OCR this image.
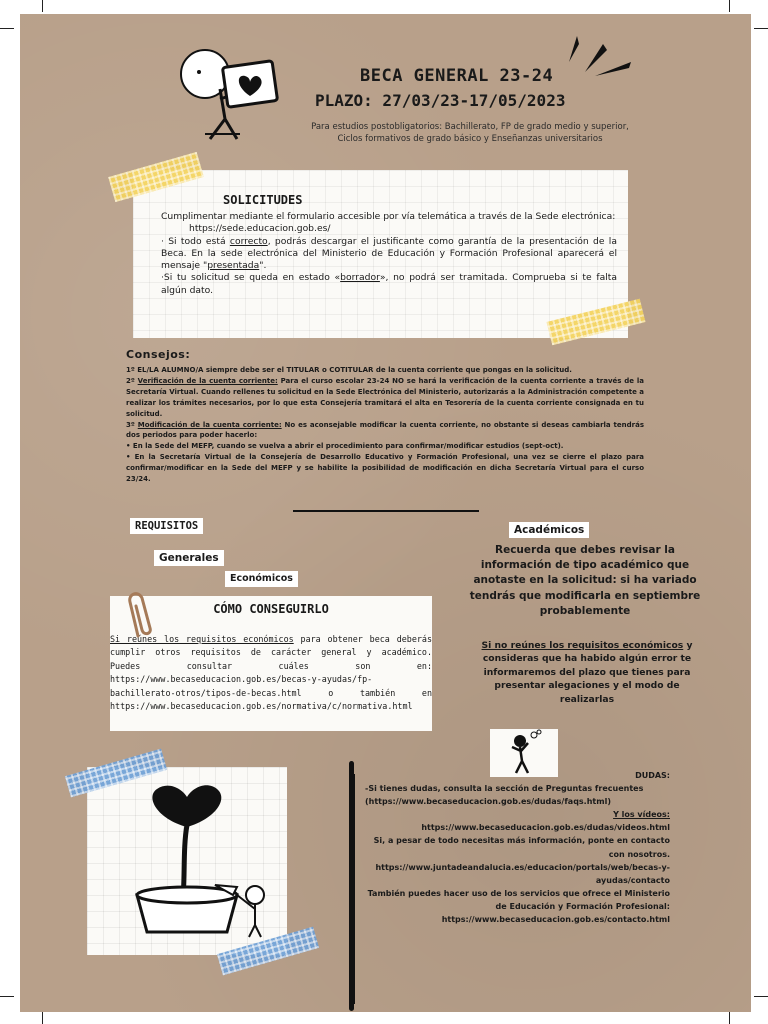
BECA GENERAL 23-24
PLAZO: 27/03/23-17/05/2023
Para estudios postobligatorios: Bachillerato, FP de grado medio y superior,
Ciclos formativos de grado básico y Enseñanzas universitarios
SOLICITUDES

Cumplimentar mediante el formulario accesible por vía telemática a través de la Sede electrónica:

https://sede.educacion.gob.es/

· Si todo está correcto, podrás descargar el justificante como garantía de la presentación de la Beca. En la sede electrónica del Ministerio de Educación y Formación Profesional aparecerá el mensaje "presentada".

·Si tu solicitud se queda en estado «borrador», no podrá ser tramitada. Comprueba si te falta algún dato.

Consejos:

1º EL/LA ALUMNO/A siempre debe ser el TITULAR o COTITULAR de la cuenta corriente que pongas en la solicitud.

2º Verificación de la cuenta corriente: Para el curso escolar 23-24 NO se hará la verificación de la cuenta corriente a través de la Secretaría Virtual. Cuando rellenes tu solicitud en la Sede Electrónica del Ministerio, autorizarás a la Administración competente a realizar los trámites necesarios, por lo que esta Consejería tramitará el alta en Tesorería de la cuenta corriente consignada en tu solicitud.

3º Modificación de la cuenta corriente: No es aconsejable modificar la cuenta corriente, no obstante si deseas cambiarla tendrás dos periodos para poder hacerlo:

• En la Sede del MEFP, cuando se vuelva a abrir el procedimiento para confirmar/modificar estudios (sept-oct).

• En la Secretaría Virtual de la Consejería de Desarrollo Educativo y Formación Profesional, una vez se cierre el plazo para confirmar/modificar en la Sede del MEFP y se habilite la posibilidad de modificación en dicha Secretaría Virtual para el curso 23/24.

REQUISITOS
Generales
Económicos
Académicos
Recuerda que debes revisar la información de tipo académico que anotaste en la solicitud: si ha variado tendrás que modificarla en septiembre probablemente
Si no reúnes los requisitos económicos y consideras que ha habido algún error te informaremos del plazo que tienes para presentar alegaciones y el modo de realizarlas
CÓMO CONSEGUIRLO
Si reúnes los requisitos económicos para obtener beca deberás cumplir otros requisitos de carácter general y académico. Puedes consultar cuáles son en: https://www.becaseducacion.gob.es/becas-y-ayudas/fp-bachillerato-otros/tipos-de-becas.html o también en https://www.becaseducacion.gob.es/normativa/c/normativa.html
DUDAS:
-Si tienes dudas, consulta la sección de Preguntas frecuentes
(https://www.becaseducacion.gob.es/dudas/faqs.html)
Y los vídeos:
https://www.becaseducacion.gob.es/dudas/videos.html
Si, a pesar de todo necesitas más información, ponte en contacto con nosotros.
https://www.juntadeandalucia.es/educacion/portals/web/becas-y-ayudas/contacto
También puedes hacer uso de los servicios que ofrece el Ministerio de Educación y Formación Profesional:
https://www.becaseducacion.gob.es/contacto.html
